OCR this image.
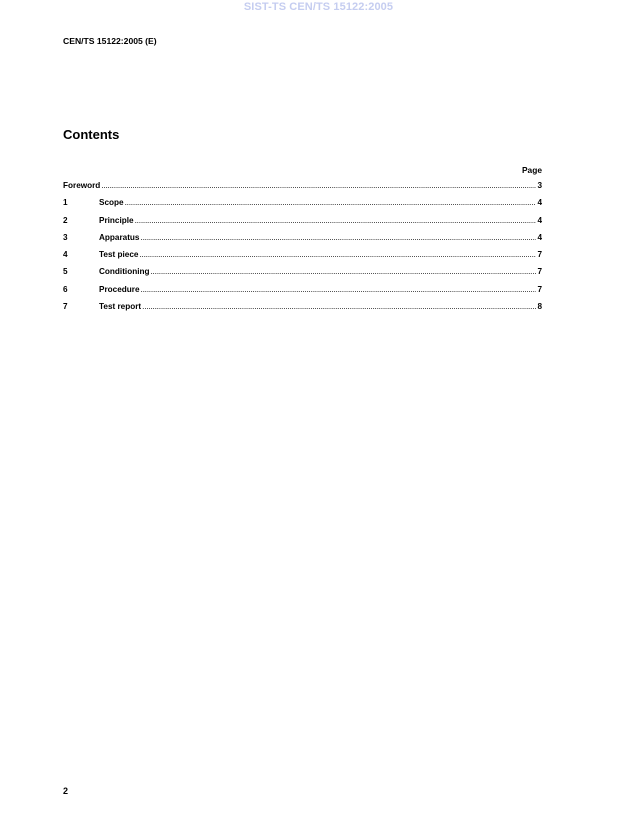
SIST-TS CEN/TS 15122:2005
CEN/TS 15122:2005 (E)
Contents
Page
Foreword .....	3
1	Scope .....	4
2	Principle .....	4
3	Apparatus .....	4
4	Test piece .....	7
5	Conditioning .....	7
6	Procedure .....	7
7	Test report .....	8
2
